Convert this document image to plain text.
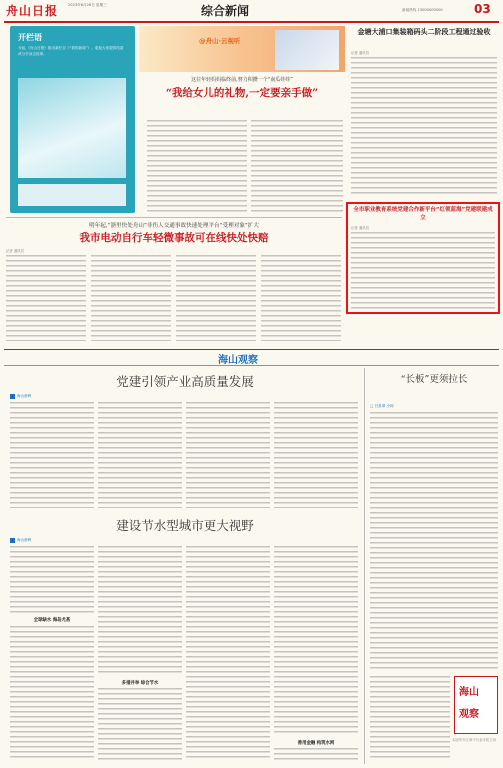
舟山日报	2023年6月28日 星期三	综合新闻	新闻热线 13000000000	03
开栏语
今起,《舟山日报》推出新栏目《“我的新闻”》。欢迎大家提供线索或分享身边故事。
@舟山·云视听
这位年轻妈妈临终前,努力积攒一个“南瓜娃娃”
“我给女儿的礼物,一定要亲手做”
金塘大浦口集装箱码头二阶段工程通过验收
记者 通讯员
全市职业教育系统党建合作新平台“红领蓝海”党建联建成立
记者 通讯员
明年起,“浙里快处舟山”非伤人交通事故快速处理平台“受理对象”扩大
我市电动自行车轻微事故可在线快处快赔
记者 通讯员
海山观察
党建引领产业高质量发展
海山晨晖
建设节水型城市更大视野
海山晨晖
全球缺水 海岛尤甚
多措并举 综合节水
善用金融 构筑水网
“长板”更须拉长
□ 吕星翠 小柯
海山
观察
本版所刊文章不代表本报立场
